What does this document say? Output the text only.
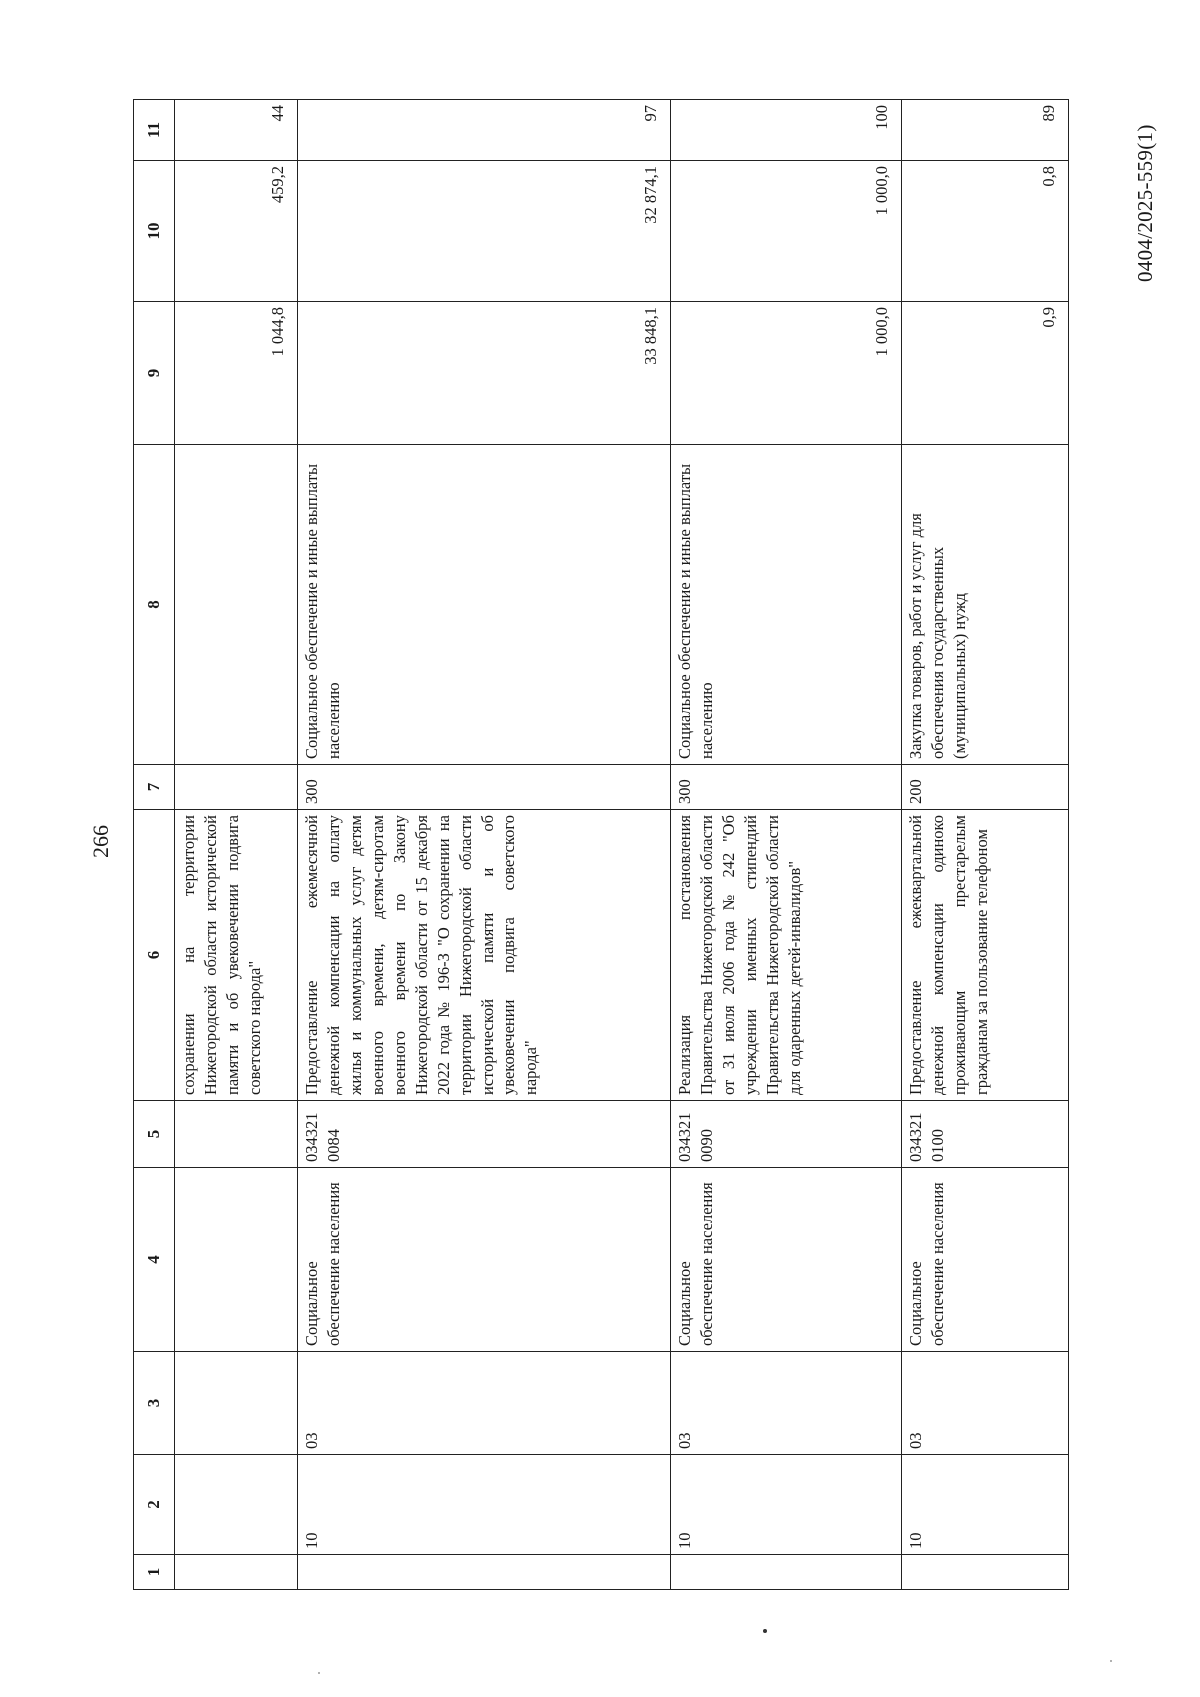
266
0404/2025-559(1)
1	2	3	4	5	6	7	8	9	10	11
					сохранении на территории Нижегородской области исторической памяти и об увековечении подвига советского народа"			1 044,8	459,2	44
	10	03	Социальное обеспечение населения	034321 0084	Предоставление ежемесячной денежной компенсации на оплату жилья и коммунальных услуг детям военного времени, детям-сиротам военного времени по Закону Нижегородской области от 15 декабря 2022 года № 196-З "О сохранении на территории Нижегородской области исторической памяти и об увековечении подвига советского народа"	300	Социальное обеспечение и иные выплаты населению	33 848,1	32 874,1	97
	10	03	Социальное обеспечение населения	034321 0090	Реализация постановления Правительства Нижегородской области от 31 июля 2006 года № 242 "Об учреждении именных стипендий Правительства Нижегородской области для одаренных детей-инвалидов"	300	Социальное обеспечение и иные выплаты населению	1 000,0	1 000,0	100
	10	03	Социальное обеспечение населения	034321 0100	Предоставление ежеквартальной денежной компенсации одиноко проживающим престарелым гражданам за пользование телефоном	200	Закупка товаров, работ и услуг для обеспечения государственных (муниципальных) нужд	0,9	0,8	89
